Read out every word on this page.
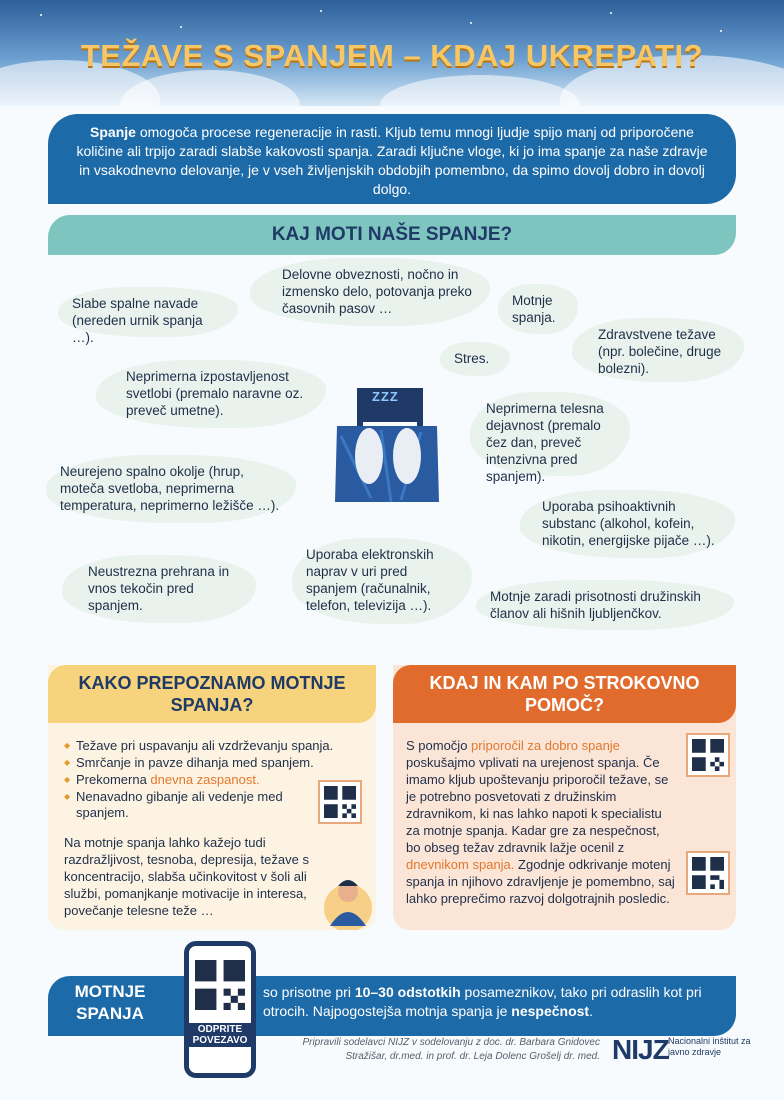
TEŽAVE S SPANJEM – KDAJ UKREPATI?
Spanje omogoča procese regeneracije in rasti. Kljub temu mnogi ljudje spijo manj od priporočene količine ali trpijo zaradi slabše kakovosti spanja. Zaradi ključne vloge, ki jo ima spanje za naše zdravje in vsakodnevno delovanje, je v vseh življenjskih obdobjih pomembno, da spimo dovolj dobro in dovolj dolgo.
KAJ MOTI NAŠE SPANJE?
Slabe spalne navade (nereden urnik spanja …).
Delovne obveznosti, nočno in izmensko delo, potovanja preko časovnih pasov …
Motnje spanja.
Zdravstvene težave (npr. bolečine, druge bolezni).
Stres.
Neprimerna izpostavljenost svetlobi (premalo naravne oz. preveč umetne).	Neprimerna telesna dejavnost (premalo čez dan, preveč intenzivna pred spanjem).
Neurejeno spalno okolje (hrup, moteča svetloba, neprimerna temperatura, neprimerno ležišče …).	Uporaba psihoaktivnih substanc (alkohol, kofein, nikotin, energijske pijače …).
Neustrezna prehrana in vnos tekočin pred spanjem.
Uporaba elektronskih naprav v uri pred spanjem (računalnik, telefon, televizija …).
Motnje zaradi prisotnosti družinskih članov ali hišnih ljubljenčkov.
ZZZ
KAKO PREPOZNAMO MOTNJE SPANJA?
◆ Težave pri uspavanju ali vzdrževanju spanja.
◆ Smrčanje in pavze dihanja med spanjem.
◆ Prekomerna dnevna zaspanost.
◆ Nenavadno gibanje ali vedenje med spanjem.
Na motnje spanja lahko kažejo tudi razdražljivost, tesnoba, depresija, težave s koncentracijo, slabša učinkovitost v šoli ali službi, pomanjkanje motivacije in interesa, povečanje telesne teže …
KDAJ IN KAM PO STROKOVNO POMOČ?
S pomočjo priporočil za dobro spanje poskušajmo vplivati na urejenost spanja. Če imamo kljub upoštevanju priporočil težave, se je potrebno posvetovati z družinskim zdravnikom, ki nas lahko napoti k specialistu za motnje spanja. Kadar gre za nespečnost, bo obseg težav zdravnik lažje ocenil z dnevnikom spanja. Zgodnje odkrivanje motenj spanja in njihovo zdravljenje je pomembno, saj lahko preprečimo razvoj dolgotrajnih posledic.
MOTNJE SPANJA
so prisotne pri 10–30 odstotkih posameznikov, tako pri odraslih kot pri otrocih. Najpogostejša motnja spanja je nespečnost.
ODPRITE POVEZAVO	Pripravili sodelavci NIJZ v sodelovanju z doc. dr. Barbara Gnidovec Stražišar, dr.med. in prof. dr. Leja Dolenc Grošelj dr. med. NIJZ Nacionalni inštitut za javno zdravje
